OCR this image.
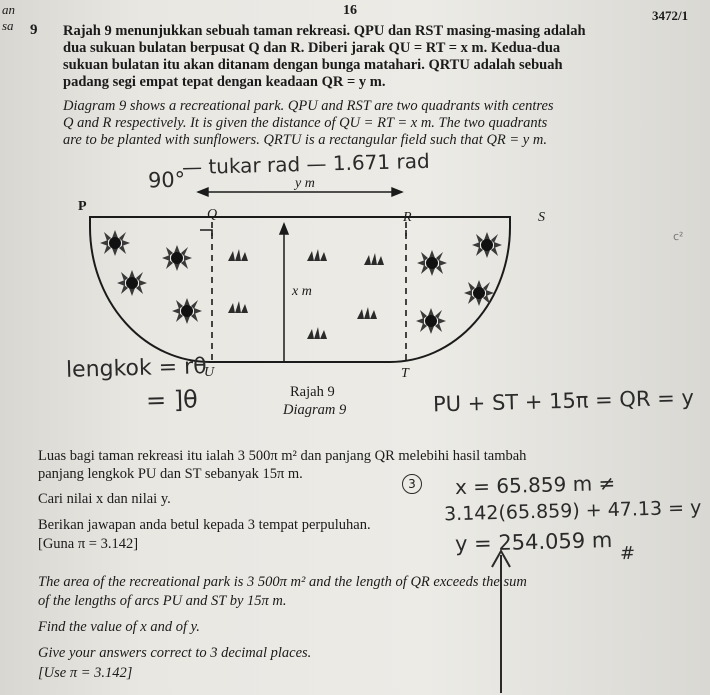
an
sa
16	3472/1
9 Rajah 9 menunjukkan sebuah taman rekreasi. QPU dan RST masing-masing adalah
dua sukuan bulatan berpusat Q dan R. Diberi jarak QU = RT = x m. Kedua-dua
sukuan bulatan itu akan ditanam dengan bunga matahari. QRTU adalah sebuah
padang segi empat tepat dengan keadaan QR = y m.
Diagram 9 shows a recreational park. QPU and RST are two quadrants with centres
Q and R respectively. It is given the distance of QU = RT = x m. The two quadrants
are to be planted with sunflowers. QRTU is a rectangular field such that QR = y m.
— tukar rad — 1.671 rad
90°
P
Q	R	S
U	T
y m
x m
lengkok = rθ
= ]θ	PU + ST + 15π = QR = y
c²
Rajah 9
Diagram 9
Luas bagi taman rekreasi itu ialah 3 500π m² dan panjang QR melebihi hasil tambah
panjang lengkok PU dan ST sebanyak 15π m.
3
Cari nilai x dan nilai y.
Berikan jawapan anda betul kepada 3 tempat perpuluhan.
[Guna π = 3.142]
x = 65.859 m ≠
3.142(65.859) + 47.13 = y
y = 254.059 m #
The area of the recreational park is 3 500π m² and the length of QR exceeds the sum
of the lengths of arcs PU and ST by 15π m.
Find the value of x and of y.
Give your answers correct to 3 decimal places.
[Use π = 3.142]
